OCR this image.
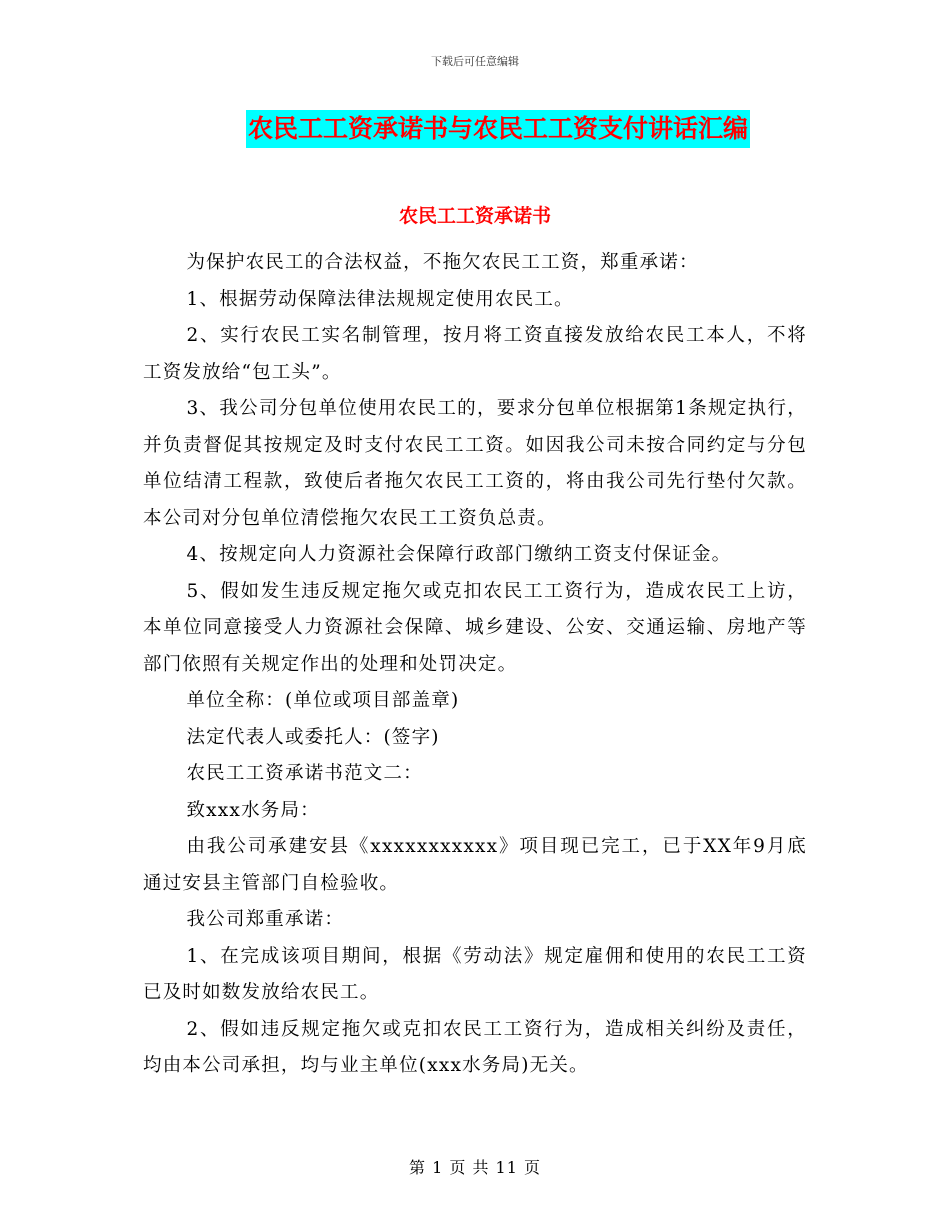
下载后可任意编辑
农民工工资承诺书与农民工工资支付讲话汇编
农民工工资承诺书

为保护农民工的合法权益，不拖欠农民工工资，郑重承诺：

1、根据劳动保障法律法规规定使用农民工。

2、实行农民工实名制管理，按月将工资直接发放给农民工本人，不将工资发放给“包工头”。

3、我公司分包单位使用农民工的，要求分包单位根据第1条规定执行，并负责督促其按规定及时支付农民工工资。如因我公司未按合同约定与分包单位结清工程款，致使后者拖欠农民工工资的，将由我公司先行垫付欠款。本公司对分包单位清偿拖欠农民工工资负总责。

4、按规定向人力资源社会保障行政部门缴纳工资支付保证金。

5、假如发生违反规定拖欠或克扣农民工工资行为，造成农民工上访，本单位同意接受人力资源社会保障、城乡建设、公安、交通运输、房地产等部门依照有关规定作出的处理和处罚决定。

单位全称：(单位或项目部盖章)

法定代表人或委托人：(签字)

农民工工资承诺书范文二：

致xxx水务局：

由我公司承建安县《xxxxxxxxxxx》项目现已完工，已于XX年9月底通过安县主管部门自检验收。

我公司郑重承诺：

1、在完成该项目期间，根据《劳动法》规定雇佣和使用的农民工工资已及时如数发放给农民工。

2、假如违反规定拖欠或克扣农民工工资行为，造成相关纠纷及责任，均由本公司承担，均与业主单位(xxx水务局)无关。

第 1 页 共 11 页
